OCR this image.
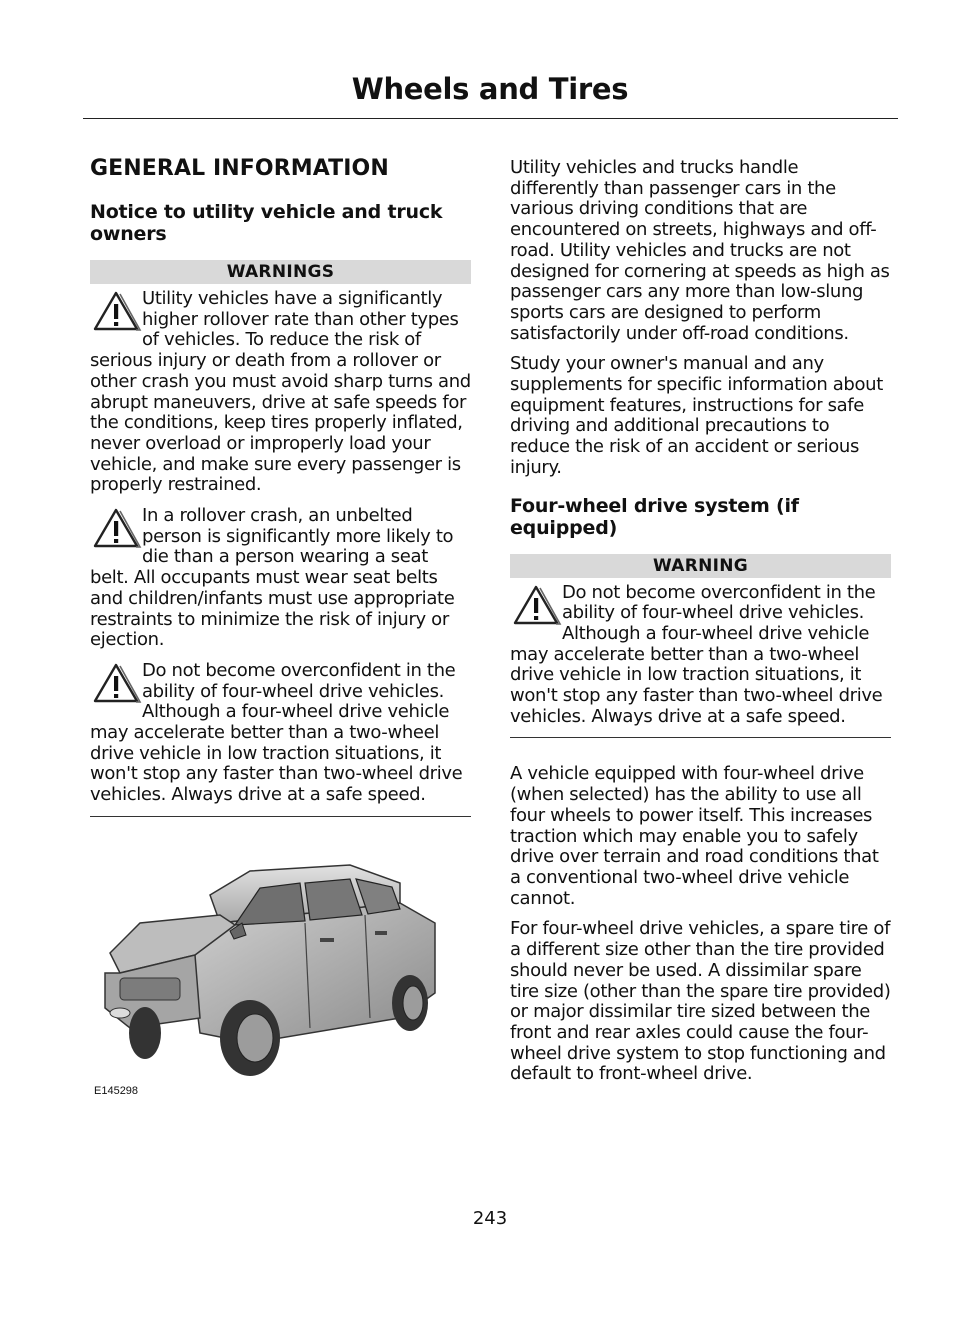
Wheels and Tires
GENERAL INFORMATION
Notice to utility vehicle and truck owners
WARNINGS
Utility vehicles have a significantly higher rollover rate than other types of vehicles. To reduce the risk of serious injury or death from a rollover or other crash you must avoid sharp turns and abrupt maneuvers, drive at safe speeds for the conditions, keep tires properly inflated, never overload or improperly load your vehicle, and make sure every passenger is properly restrained.
In a rollover crash, an unbelted person is significantly more likely to die than a person wearing a seat belt. All occupants must wear seat belts and children/infants must use appropriate restraints to minimize the risk of injury or ejection.
Do not become overconfident in the ability of four-wheel drive vehicles. Although a four-wheel drive vehicle may accelerate better than a two-wheel drive vehicle in low traction situations, it won't stop any faster than two-wheel drive vehicles. Always drive at a safe speed.
E145298

Utility vehicles and trucks handle differently than passenger cars in the various driving conditions that are encountered on streets, highways and off-road. Utility vehicles and trucks are not designed for cornering at speeds as high as passenger cars any more than low-slung sports cars are designed to perform satisfactorily under off-road conditions.

Study your owner's manual and any supplements for specific information about equipment features, instructions for safe driving and additional precautions to reduce the risk of an accident or serious injury.

Four-wheel drive system (if equipped)
WARNING
Do not become overconfident in the ability of four-wheel drive vehicles. Although a four-wheel drive vehicle may accelerate better than a two-wheel drive vehicle in low traction situations, it won't stop any faster than two-wheel drive vehicles. Always drive at a safe speed.

A vehicle equipped with four-wheel drive (when selected) has the ability to use all four wheels to power itself. This increases traction which may enable you to safely drive over terrain and road conditions that a conventional two-wheel drive vehicle cannot.

For four-wheel drive vehicles, a spare tire of a different size other than the tire provided should never be used. A dissimilar spare tire size (other than the spare tire provided) or major dissimilar tire sized between the front and rear axles could cause the four-wheel drive system to stop functioning and default to front-wheel drive.

243
